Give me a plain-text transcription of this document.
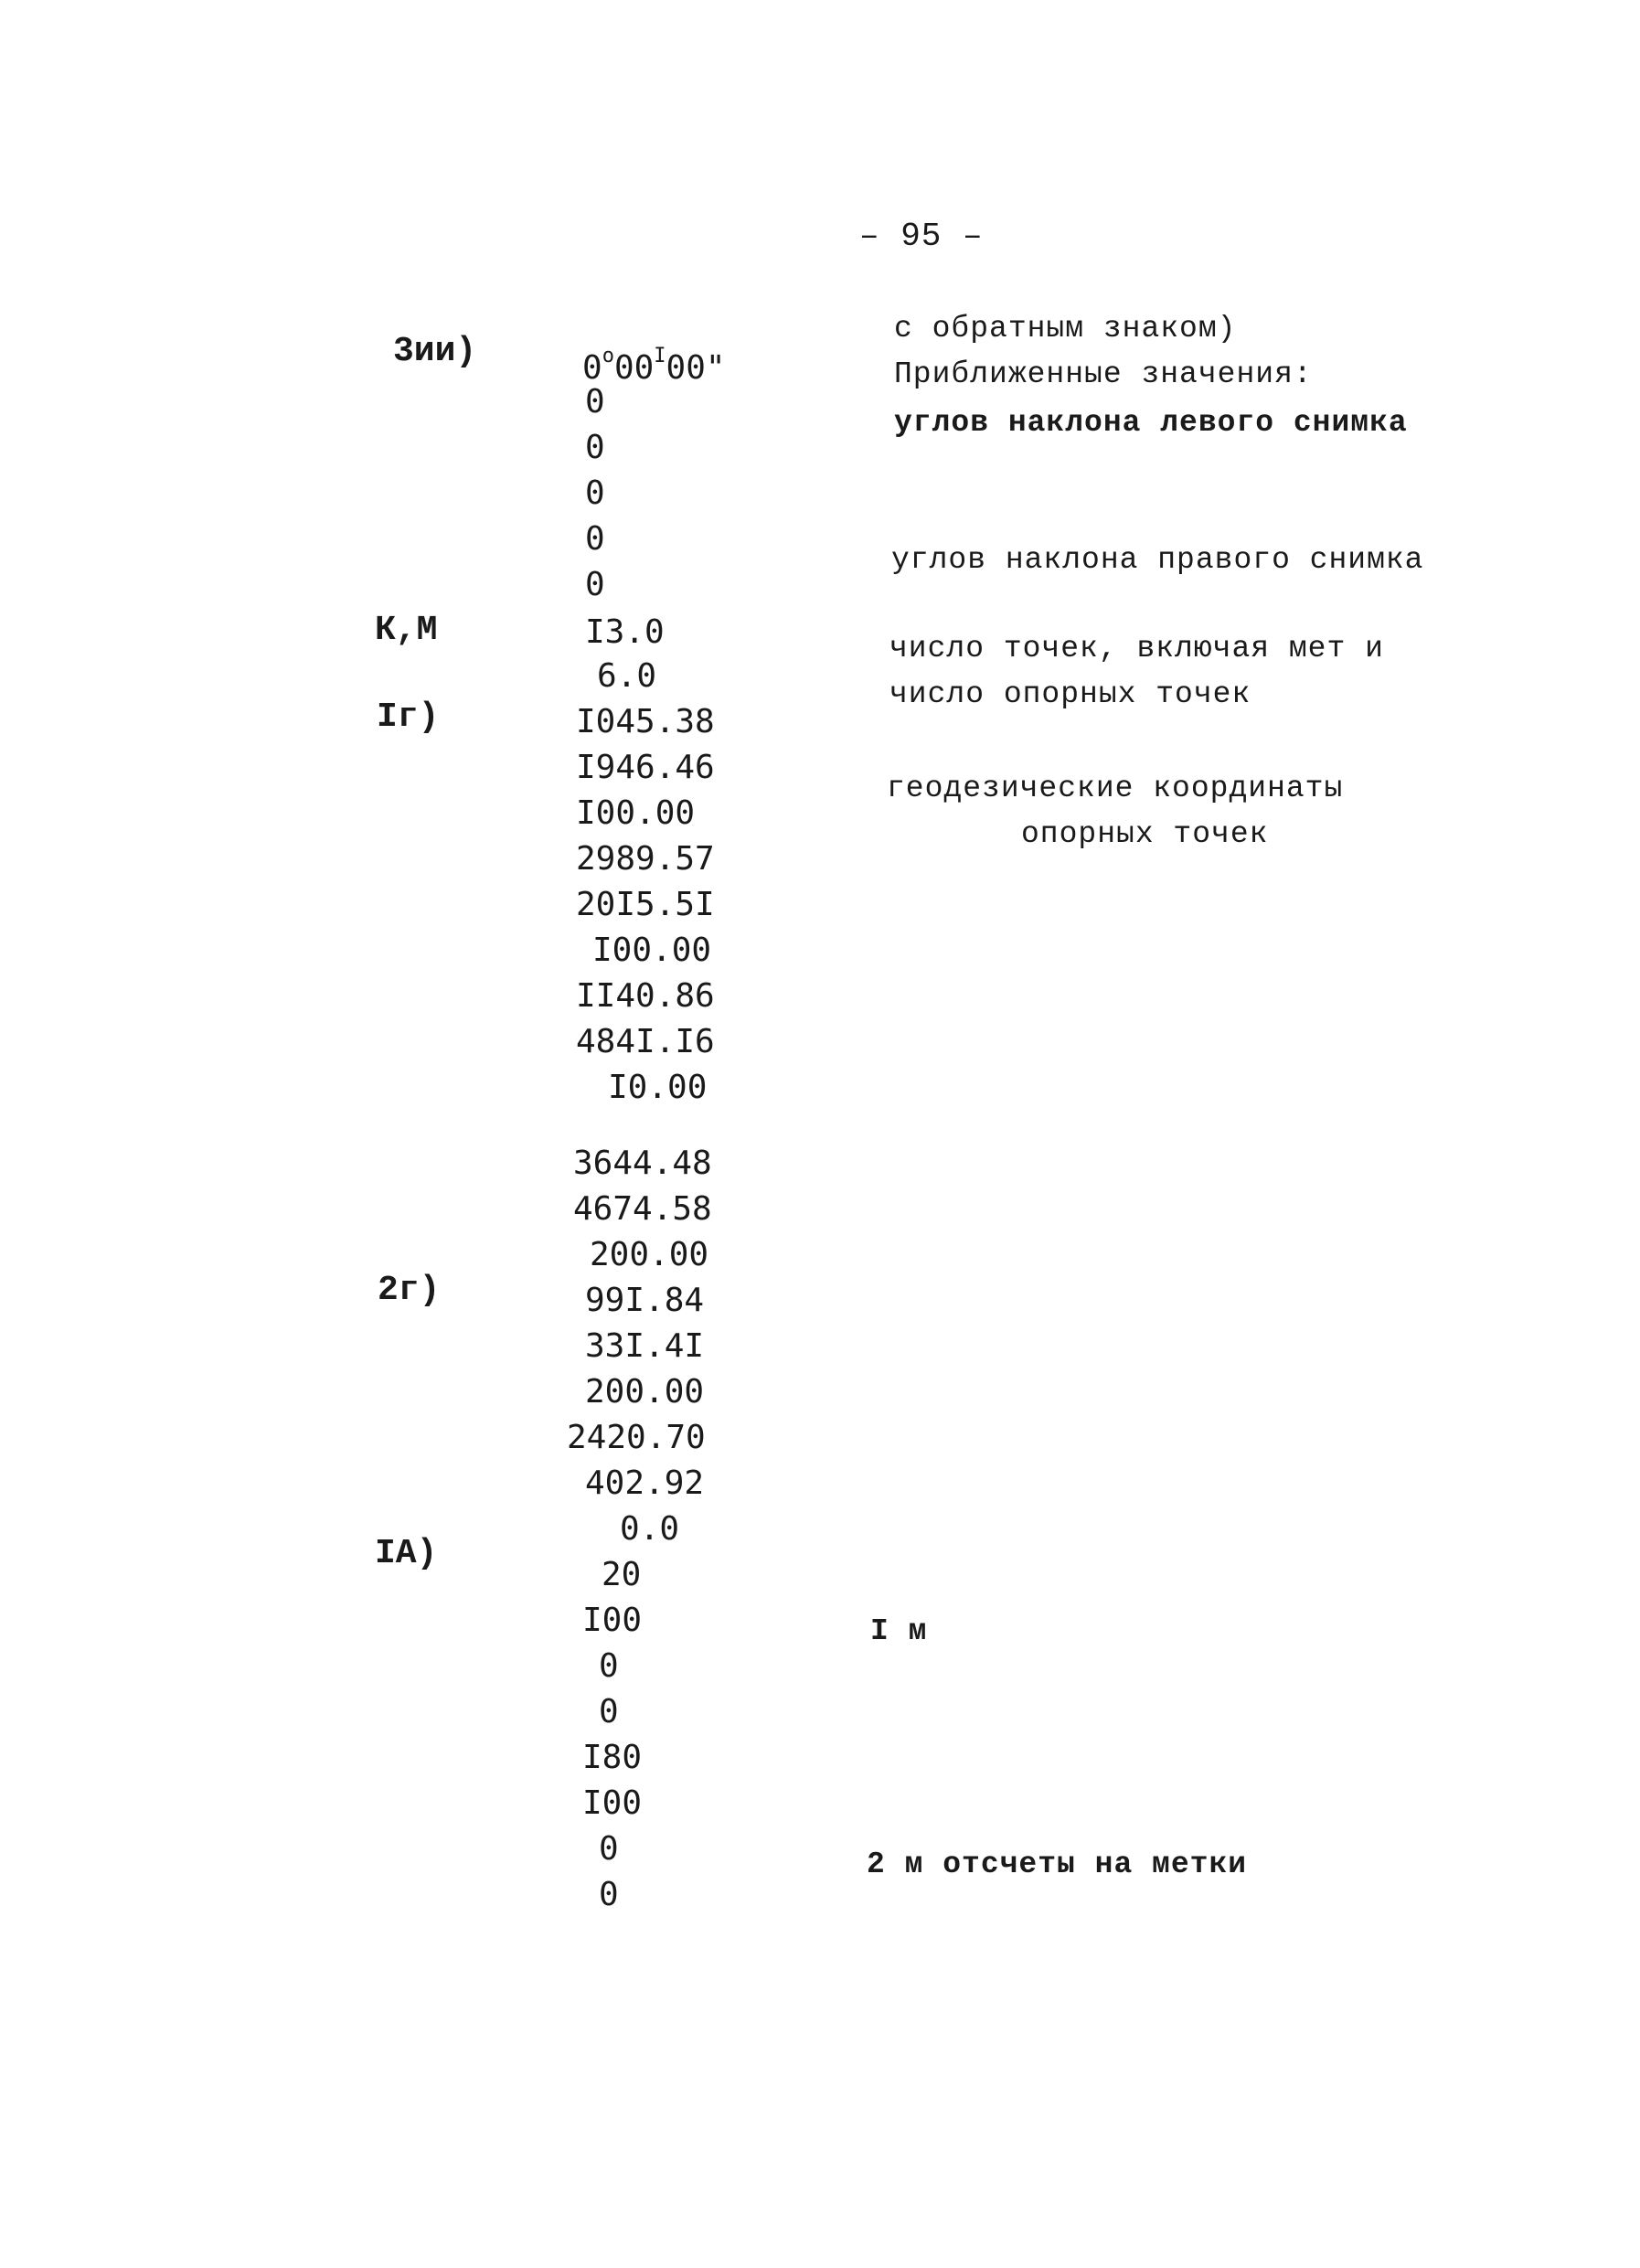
– 95 –
3ии)
К,М
Iг)
2г)
IA)
$0^o00^I00$"
0
0
0
0
0
I3.0
6.0
I045.38
I946.46
I00.00
2989.57
20I5.5I
I00.00
II40.86
484I.I6
I0.00
3644.48
4674.58
200.00
99I.84
33I.4I
200.00
2420.70
402.92
0.0
20
I00
0
0
I80
I00
0
0
с обратным знаком)
Приближенные значения:
углов наклона левого снимка
углов наклона правого снимка
число точек, включая мет и
число опорных точек
геодезические координаты
опорных точек
I м
2 м отсчеты на метки
